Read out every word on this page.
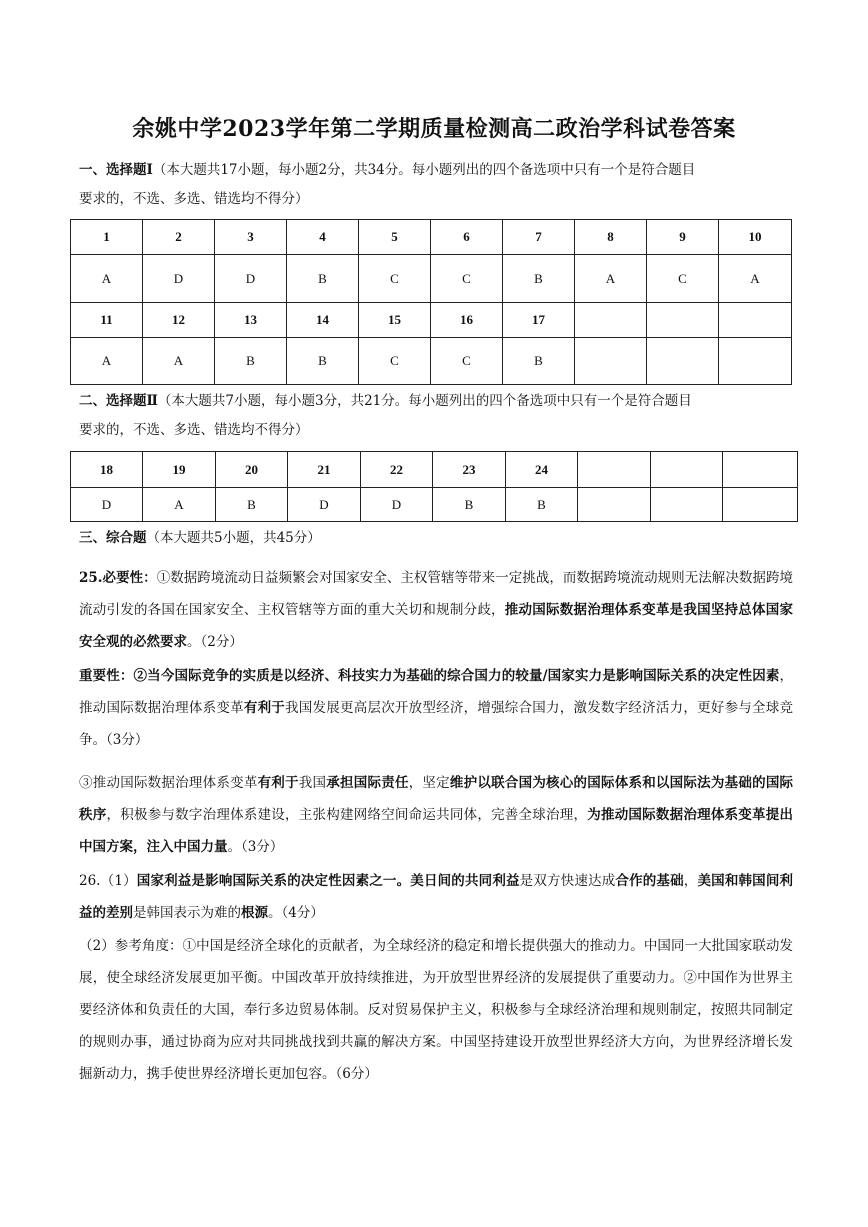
余姚中学2023学年第二学期质量检测高二政治学科试卷答案
一、选择题Ⅰ（本大题共17小题，每小题2分，共34分。每小题列出的四个备选项中只有一个是符合题目
要求的，不选、多选、错选均不得分）
1	2	3	4	5	6	7	8	9	10
A	D	D	B	C	C	B	A	C	A
11	12	13	14	15	16	17			
A	A	B	B	C	C	B			
二、选择题Ⅱ（本大题共7小题，每小题3分，共21分。每小题列出的四个备选项中只有一个是符合题目
要求的，不选、多选、错选均不得分）
18	19	20	21	22	23	24			
D	A	B	D	D	B	B			
三、综合题（本大题共5小题，共45分）
25.必要性：①数据跨境流动日益频繁会对国家安全、主权管辖等带来一定挑战，而数据跨境流动规则无法解决数据跨境流动引发的各国在国家安全、主权管辖等方面的重大关切和规制分歧，推动国际数据治理体系变革是我国坚持总体国家安全观的必然要求。（2分）
重要性：②当今国际竞争的实质是以经济、科技实力为基础的综合国力的较量/国家实力是影响国际关系的决定性因素，推动国际数据治理体系变革有利于我国发展更高层次开放型经济，增强综合国力，激发数字经济活力，更好参与全球竞争。（3分）
③推动国际数据治理体系变革有利于我国承担国际责任，坚定维护以联合国为核心的国际体系和以国际法为基础的国际秩序，积极参与数字治理体系建设，主张构建网络空间命运共同体，完善全球治理，为推动国际数据治理体系变革提出中国方案，注入中国力量。（3分）
26.（1）国家利益是影响国际关系的决定性因素之一。美日间的共同利益是双方快速达成合作的基础，美国和韩国间利益的差别是韩国表示为难的根源。（4分）
（2）参考角度：①中国是经济全球化的贡献者，为全球经济的稳定和增长提供强大的推动力。中国同一大批国家联动发展，使全球经济发展更加平衡。中国改革开放持续推进，为开放型世界经济的发展提供了重要动力。②中国作为世界主要经济体和负责任的大国，奉行多边贸易体制。反对贸易保护主义，积极参与全球经济治理和规则制定，按照共同制定的规则办事，通过协商为应对共同挑战找到共赢的解决方案。中国坚持建设开放型世界经济大方向，为世界经济增长发掘新动力，携手使世界经济增长更加包容。（6分）
